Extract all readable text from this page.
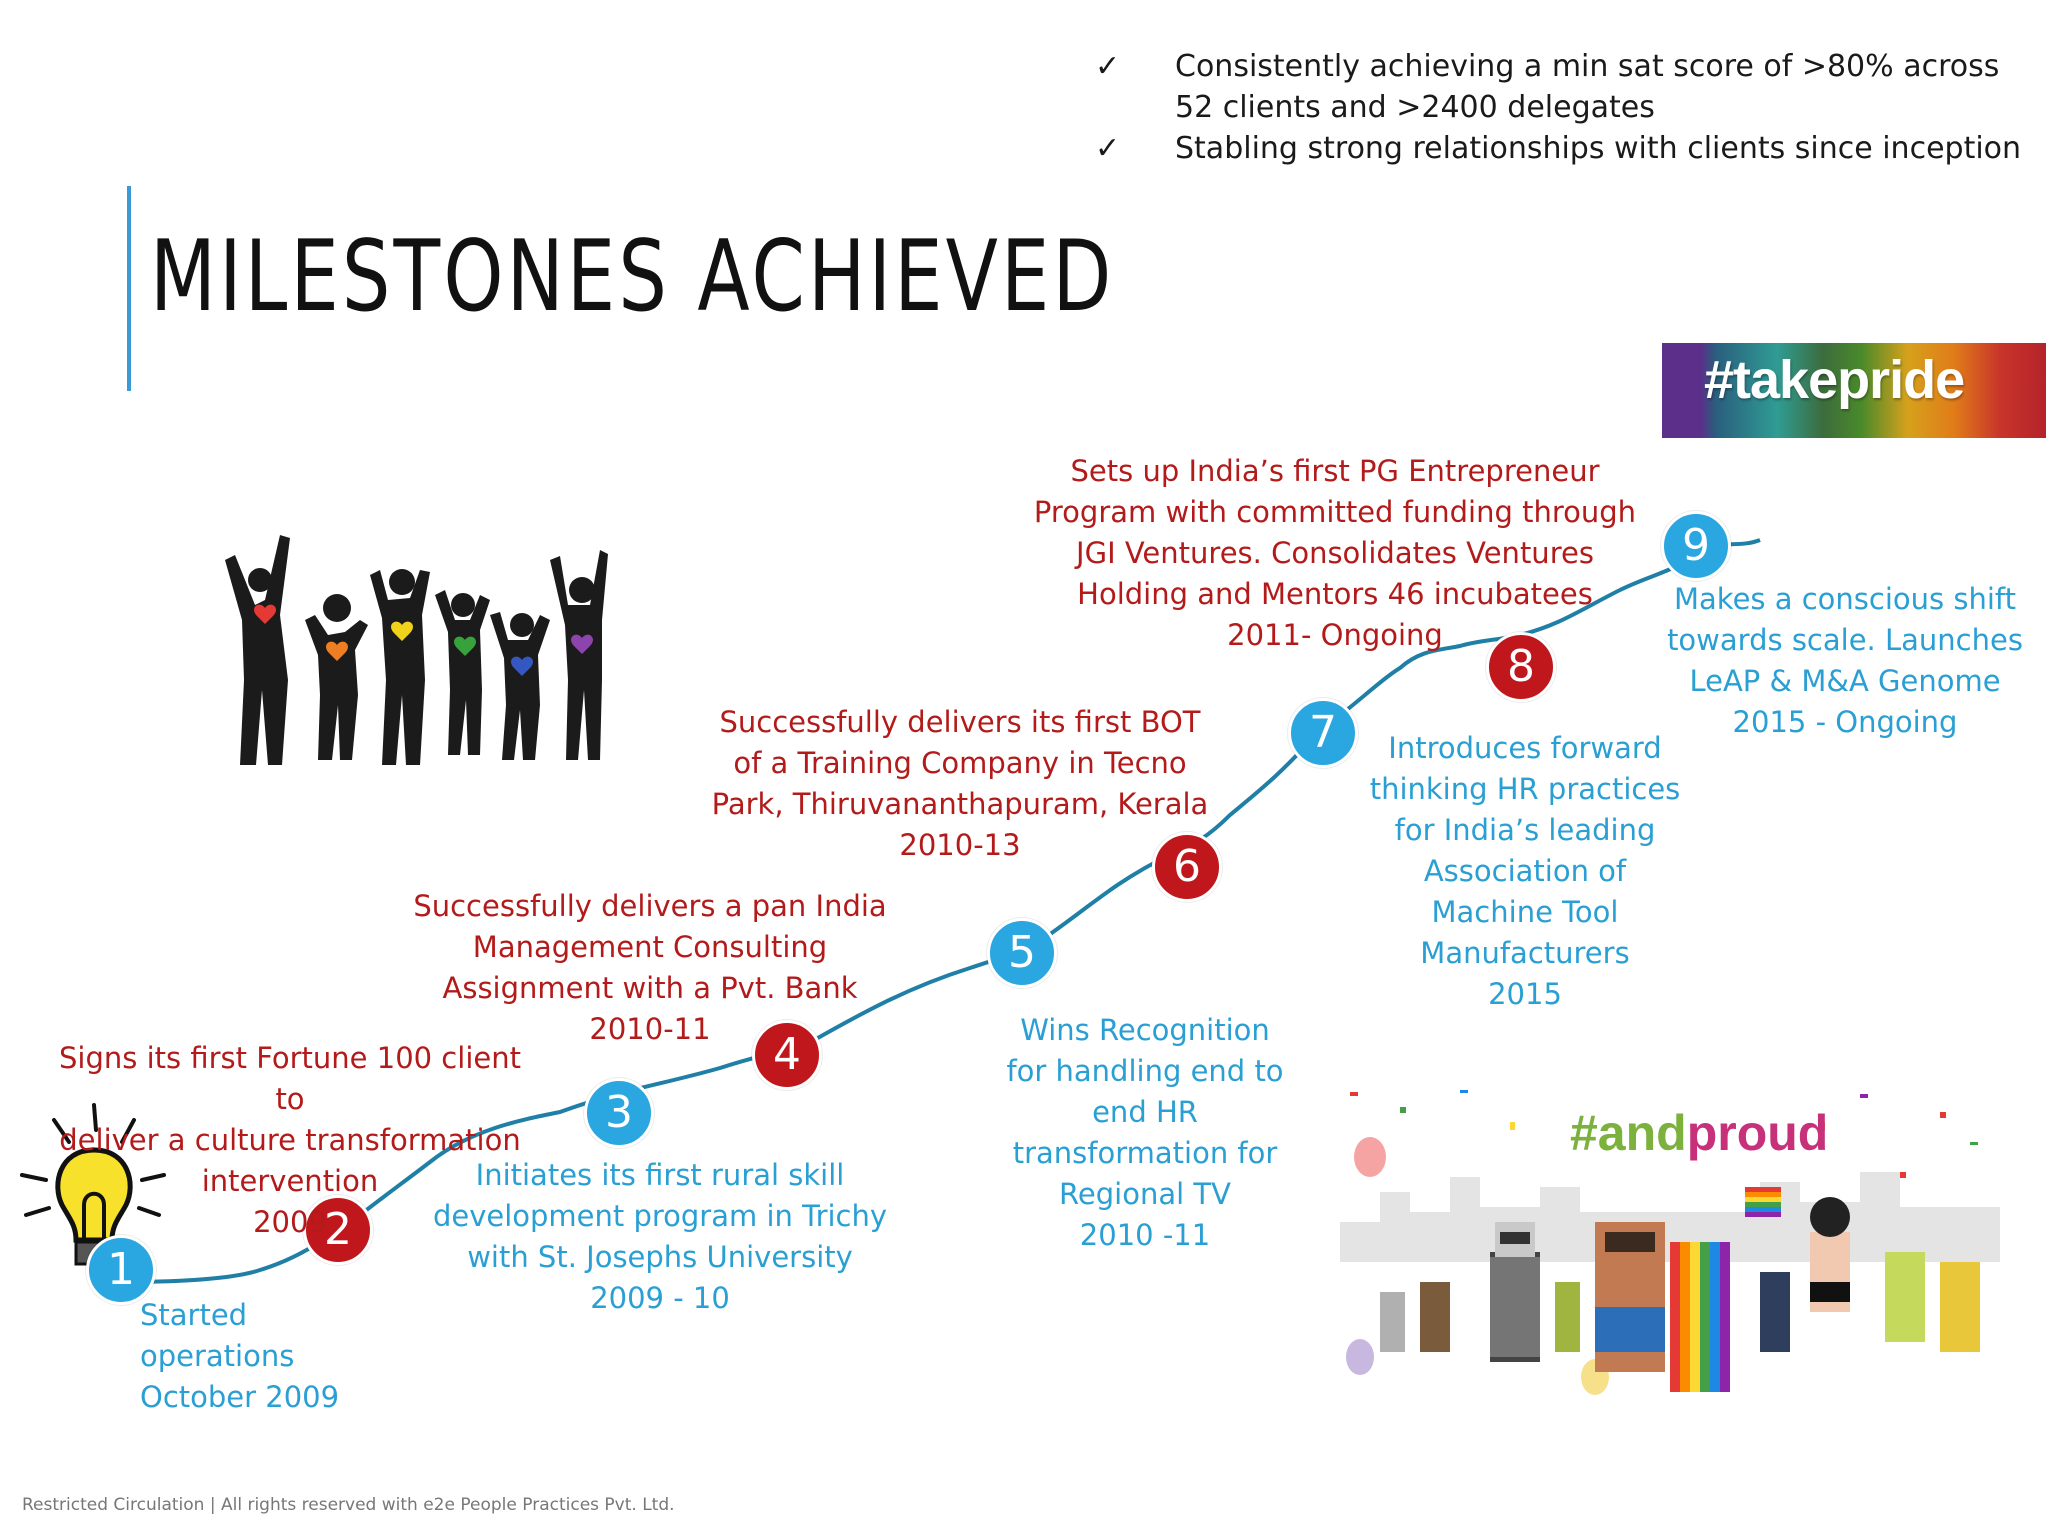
✓ Consistently achieving a min sat score of >80% across 52 clients and >2400 delegates
✓ Stabling strong relationships with clients since inception
MILESTONES ACHIEVED
#takepride
1
2
3
4
5
6
7
8
9
Started
operations
October 2009
Signs its first Fortune 100 client to
deliver a culture transformation
intervention
2009
Initiates its first rural skill
development program in Trichy
with St. Josephs University
2009 - 10
Successfully delivers a pan India
Management Consulting
Assignment with a Pvt. Bank
2010-11	Wins Recognition
for handling end to
end HR
transformation for
Regional TV
2010 -11
Successfully delivers its first BOT
of a Training Company in Tecno
Park, Thiruvananthapuram, Kerala
2010-13
Introduces forward
thinking HR practices
for India’s leading
Association of
Machine Tool
Manufacturers
2015
Sets up India’s first PG Entrepreneur
Program with committed funding through
JGI Ventures. Consolidates Ventures
Holding and Mentors 46 incubatees
2011- Ongoing
Makes a conscious shift
towards scale. Launches
LeAP & M&A Genome
2015 - Ongoing
#andproud
Restricted Circulation | All rights reserved with e2e People Practices Pvt. Ltd.
